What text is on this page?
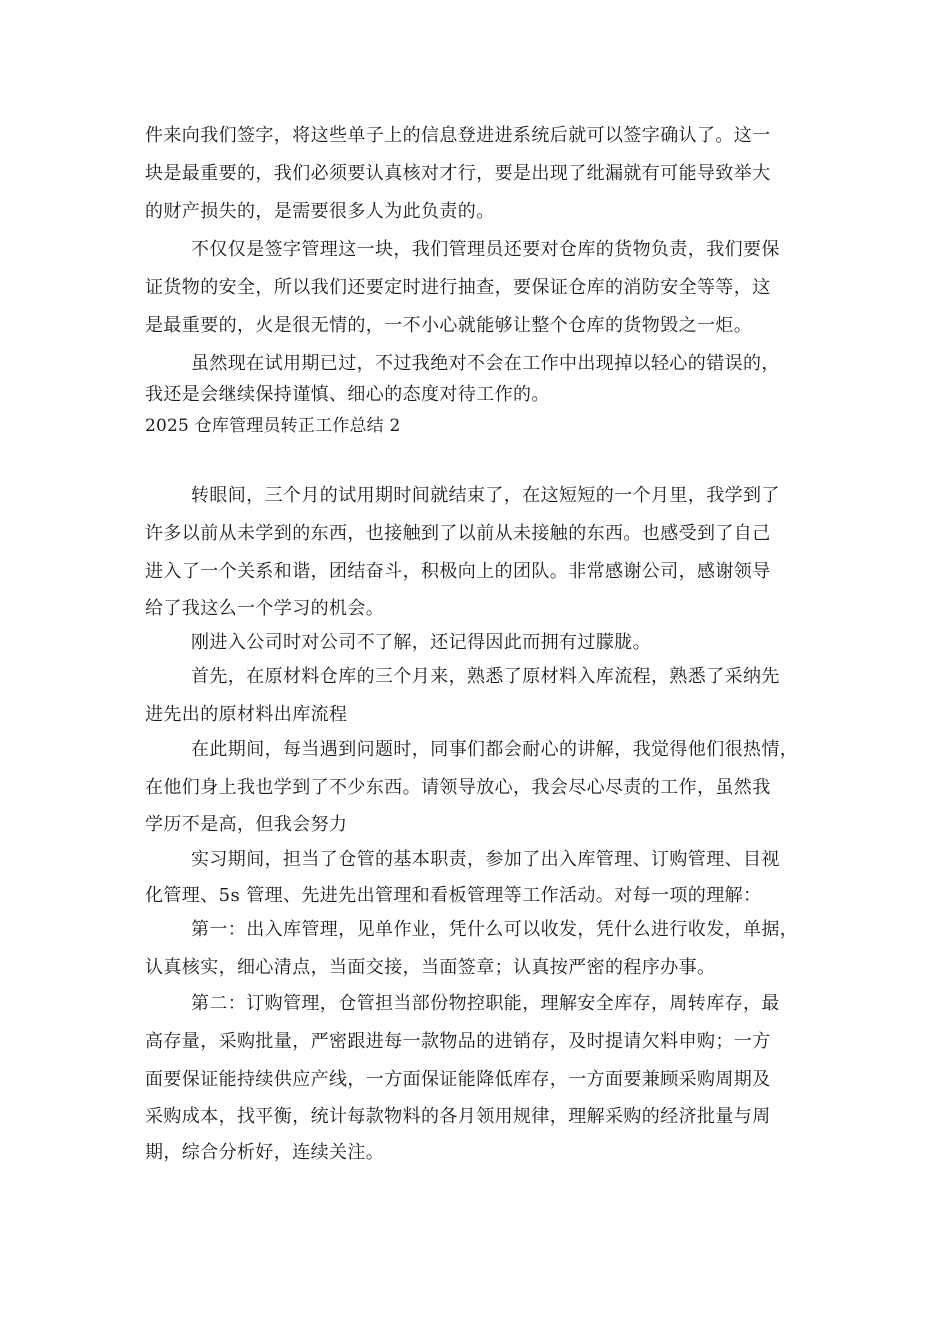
件来向我们签字，将这些单子上的信息登进进系统后就可以签字确认了。这一
块是最重要的，我们必须要认真核对才行，要是出现了纰漏就有可能导致举大
的财产损失的，是需要很多人为此负责的。
不仅仅是签字管理这一块，我们管理员还要对仓库的货物负责，我们要保
证货物的安全，所以我们还要定时进行抽查，要保证仓库的消防安全等等，这
是最重要的，火是很无情的，一不小心就能够让整个仓库的货物毁之一炬。
虽然现在试用期已过，不过我绝对不会在工作中出现掉以轻心的错误的，
我还是会继续保持谨慎、细心的态度对待工作的。
2025 仓库管理员转正工作总结 2
转眼间，三个月的试用期时间就结束了，在这短短的一个月里，我学到了
许多以前从未学到的东西，也接触到了以前从未接触的东西。也感受到了自己
进入了一个关系和谐，团结奋斗，积极向上的团队。非常感谢公司，感谢领导
给了我这么一个学习的机会。
刚进入公司时对公司不了解，还记得因此而拥有过朦胧。
首先，在原材料仓库的三个月来，熟悉了原材料入库流程，熟悉了采纳先
进先出的原材料出库流程
在此期间，每当遇到问题时，同事们都会耐心的讲解，我觉得他们很热情，
在他们身上我也学到了不少东西。请领导放心，我会尽心尽责的工作，虽然我
学历不是高，但我会努力
实习期间，担当了仓管的基本职责，参加了出入库管理、订购管理、目视
化管理、5s 管理、先进先出管理和看板管理等工作活动。对每一项的理解：
第一：出入库管理，见单作业，凭什么可以收发，凭什么进行收发，单据，
认真核实，细心清点，当面交接，当面签章；认真按严密的程序办事。
第二：订购管理，仓管担当部份物控职能，理解安全库存，周转库存，最
高存量，采购批量，严密跟进每一款物品的进销存，及时提请欠料申购；一方
面要保证能持续供应产线，一方面保证能降低库存，一方面要兼顾采购周期及
采购成本，找平衡，统计每款物料的各月领用规律，理解采购的经济批量与周
期，综合分析好，连续关注。
